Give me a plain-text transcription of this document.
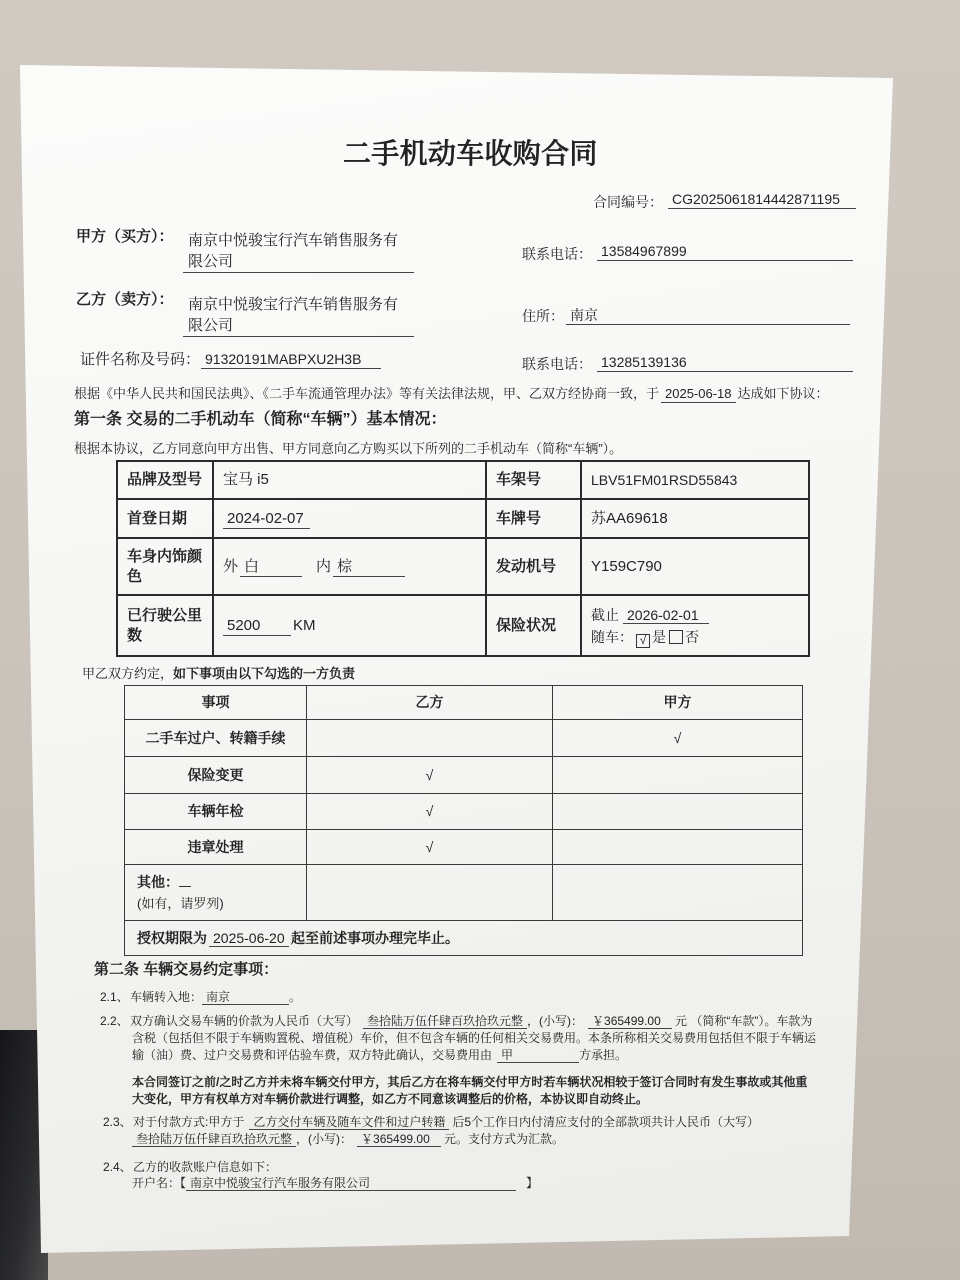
二手机动车收购合同
合同编号： CG2025061814442871195
甲方（买方）： 南京中悦骏宝行汽车销售服务有
限公司	联系电话： 13584967899
乙方（卖方）： 南京中悦骏宝行汽车销售服务有
限公司
住所： 南京
证件名称及号码： 91320191MABPXU2H3B	联系电话： 13285139136
根据《中华人民共和国民法典》、《二手车流通管理办法》等有关法律法规，甲、乙双方经协商一致，于 2025-06-18 达成如下协议：
第一条 交易的二手机动车（简称“车辆”）基本情况：
根据本协议，乙方同意向甲方出售、甲方同意向乙方购买以下所列的二手机动车（简称“车辆”）。
品牌及型号	宝马 i5	车架号	LBV51FM01RSD55843
首登日期	2024-02-07	车牌号	苏AA69618
车身内饰颜色	外 白 内 棕	发动机号	Y159C790
已行驶公里数	5200 KM	保险状况	截止 2026-02-01
随车： √ 是 否
甲乙双方约定，如下事项由以下勾选的一方负责
事项	乙方	甲方
二手车过户、转籍手续		√
保险变更	√	
车辆年检	√	
违章处理	√	

其他：
(如有，请罗列)		

授权期限为 2025-06-20 起至前述事项办理完毕止。		
第二条 车辆交易约定事项：
2.1、车辆转入地： 南京	。
2.2、双方确认交易车辆的价款为人民币（大写） 叁拾陆万伍仟肆百玖拾玖元整 ，(小写)： ￥365499.00 元 （简称“车款”）。车款为
含税（包括但不限于车辆购置税、增值税）车价，但不包含车辆的任何相关交易费用。本条所称相关交易费用包括但不限于车辆运
输（油）费、过户交易费和评估验车费，双方特此确认，交易费用由 甲	方承担。
本合同签订之前/之时乙方并未将车辆交付甲方，其后乙方在将车辆交付甲方时若车辆状况相较于签订合同时有发生事故或其他重
大变化，甲方有权单方对车辆价款进行调整，如乙方不同意该调整后的价格，本协议即自动终止。
2.3、对于付款方式:甲方于 乙方交付车辆及随车文件和过户转籍 后5个工作日内付清应支付的全部款项共计人民币（大写）
叁拾陆万伍仟肆百玖拾玖元整 ，(小写)： ￥365499.00 元。支付方式为汇款。
2.4、乙方的收款账户信息如下：
开户名：【 南京中悦骏宝行汽车服务有限公司	】
